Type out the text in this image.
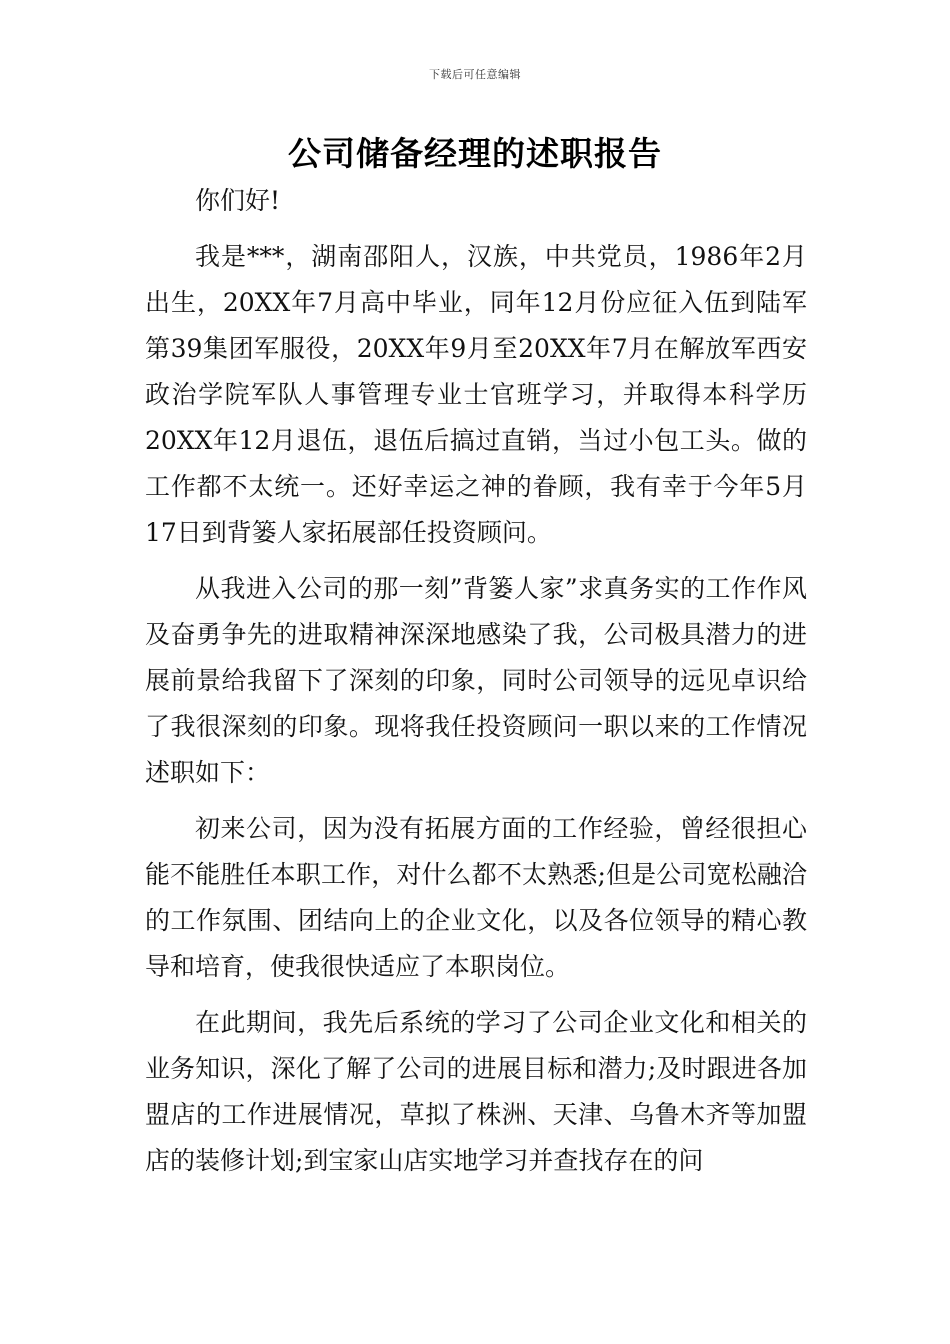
下载后可任意编辑
公司储备经理的述职报告

你们好!

我是***，湖南邵阳人，汉族，中共党员，1986年2月出生，20XX年7月高中毕业，同年12月份应征入伍到陆军第39集团军服役，20XX年9月至20XX年7月在解放军西安政治学院军队人事管理专业士官班学习，并取得本科学历20XX年12月退伍，退伍后搞过直销，当过小包工头。做的工作都不太统一。还好幸运之神的眷顾，我有幸于今年5月17日到背篓人家拓展部任投资顾问。

从我进入公司的那一刻”背篓人家”求真务实的工作作风及奋勇争先的进取精神深深地感染了我，公司极具潜力的进展前景给我留下了深刻的印象，同时公司领导的远见卓识给了我很深刻的印象。现将我任投资顾问一职以来的工作情况述职如下：

初来公司，因为没有拓展方面的工作经验，曾经很担心能不能胜任本职工作，对什么都不太熟悉;但是公司宽松融洽的工作氛围、团结向上的企业文化，以及各位领导的精心教导和培育，使我很快适应了本职岗位。

在此期间，我先后系统的学习了公司企业文化和相关的业务知识，深化了解了公司的进展目标和潜力;及时跟进各加盟店的工作进展情况，草拟了株洲、天津、乌鲁木齐等加盟店的装修计划;到宝家山店实地学习并查找存在的问
